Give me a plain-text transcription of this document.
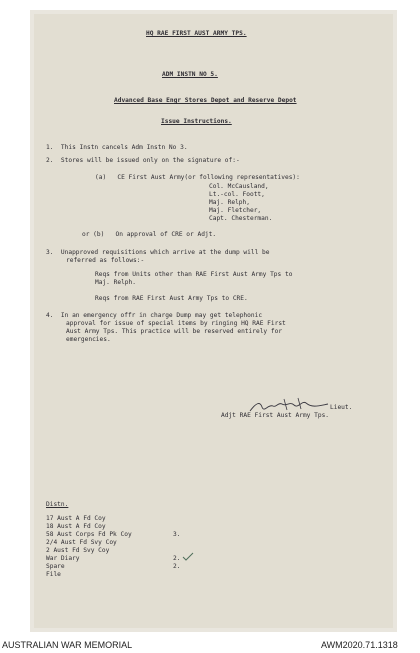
HQ RAE FIRST AUST ARMY TPS.
ADM INSTN NO 5.
Advanced Base Engr Stores Depot and Reserve Depot
Issue Instructions.
1.  This Instn cancels Adm Instn No 3.
2.  Stores will be issued only on the signature of:-
(a)   CE First Aust Army(or following representatives):
Col. McCausland,
Lt.-col. Foott,
Maj. Relph,
Maj. Fletcher,
Capt. Chesterman.
or (b)   On approval of CRE or Adjt.
3.  Unapproved requisitions which arrive at the dump will be
referred as follows:-
Reqs from Units other than RAE First Aust Army Tps to
Maj. Relph.
Reqs from RAE First Aust Army Tps to CRE.
4.  In an emergency offr in charge Dump may get telephonic
approval for issue of special items by ringing HQ RAE First
Aust Army Tps. This practice will be reserved entirely for
emergencies.
Lieut.
Adjt RAE First Aust Army Tps.
Distn.
17 Aust A Fd Coy
18 Aust A Fd Coy
58 Aust Corps Fd Pk Coy	3.
2/4 Aust Fd Svy Coy
2 Aust Fd Svy Coy
War Diary	2.
Spare	2.
File
AUSTRALIAN WAR MEMORIAL	AWM2020.71.1318
